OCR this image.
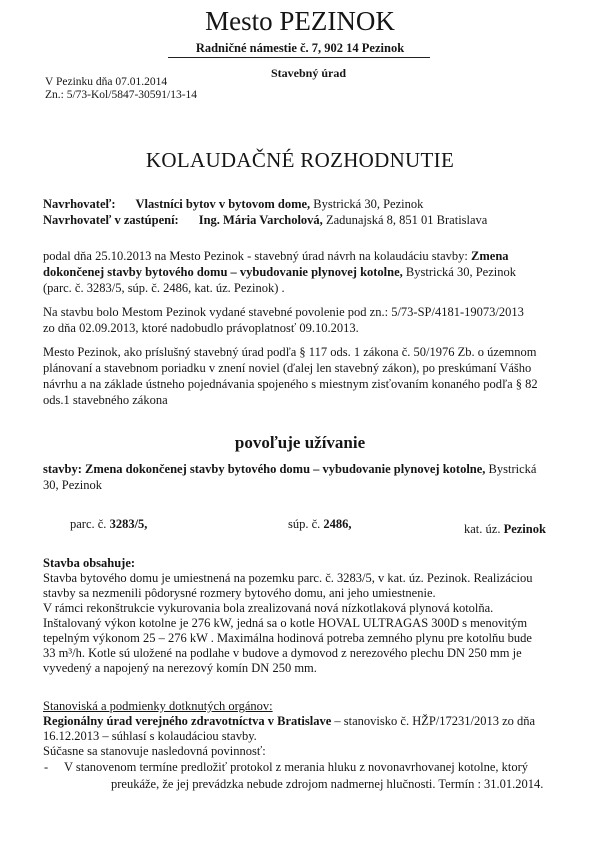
Mesto PEZINOK
Radničné námestie č. 7, 902 14 Pezinok
Stavebný úrad
V Pezinku dňa 07.01.2014
Zn.: 5/73-Kol/5847-30591/13-14
KOLAUDAČNÉ ROZHODNUTIE
Navrhovateľ: Vlastníci bytov v bytovom dome, Bystrická 30, Pezinok
Navrhovateľ v zastúpení: Ing. Mária Varcholová, Zadunajská 8, 851 01 Bratislava
podal dňa 25.10.2013 na Mesto Pezinok - stavebný úrad návrh na kolaudáciu stavby: Zmena
dokončenej stavby bytového domu – vybudovanie plynovej kotolne, Bystrická 30, Pezinok
(parc. č. 3283/5, súp. č. 2486, kat. úz. Pezinok) .
Na stavbu bolo Mestom Pezinok vydané stavebné povolenie pod zn.: 5/73-SP/4181-19073/2013
zo dňa 02.09.2013, ktoré nadobudlo právoplatnosť 09.10.2013.
Mesto Pezinok, ako príslušný stavebný úrad podľa § 117 ods. 1 zákona č. 50/1976 Zb. o územnom
plánovaní a stavebnom poriadku v znení noviel (ďalej len stavebný zákon), po preskúmaní Vášho
návrhu a na základe ústneho pojednávania spojeného s miestnym zisťovaním konaného podľa § 82
ods.1 stavebného zákona
povoľuje užívanie
stavby: Zmena dokončenej stavby bytového domu – vybudovanie plynovej kotolne, Bystrická
30, Pezinok
parc. č. 3283/5,	súp. č. 2486,	kat. úz. Pezinok
Stavba obsahuje:
Stavba bytového domu je umiestnená na pozemku parc. č. 3283/5, v kat. úz. Pezinok. Realizáciou
stavby sa nezmenili pôdorysné rozmery bytového domu, ani jeho umiestnenie.
V rámci rekonštrukcie vykurovania bola zrealizovaná nová nízkotlaková plynová kotolňa.
Inštalovaný výkon kotolne je 276 kW, jedná sa o kotle HOVAL ULTRAGAS 300D s menovitým
tepelným výkonom 25 – 276 kW . Maximálna hodinová potreba zemného plynu pre kotolňu bude
33 m³/h. Kotle sú uložené na podlahe v budove a dymovod z nerezového plechu DN 250 mm je
vyvedený a napojený na nerezový komín DN 250 mm.
Stanoviská a podmienky dotknutých orgánov:
Regionálny úrad verejného zdravotníctva v Bratislave – stanovisko č. HŽP/17231/2013 zo dňa
16.12.2013 – súhlasí s kolaudáciou stavby.
Súčasne sa stanovuje nasledovná povinnosť:
- V stanovenom termíne predložiť protokol z merania hluku z novonavrhovanej kotolne, ktorý
preukáže, že jej prevádzka nebude zdrojom nadmernej hlučnosti. Termín : 31.01.2014.
